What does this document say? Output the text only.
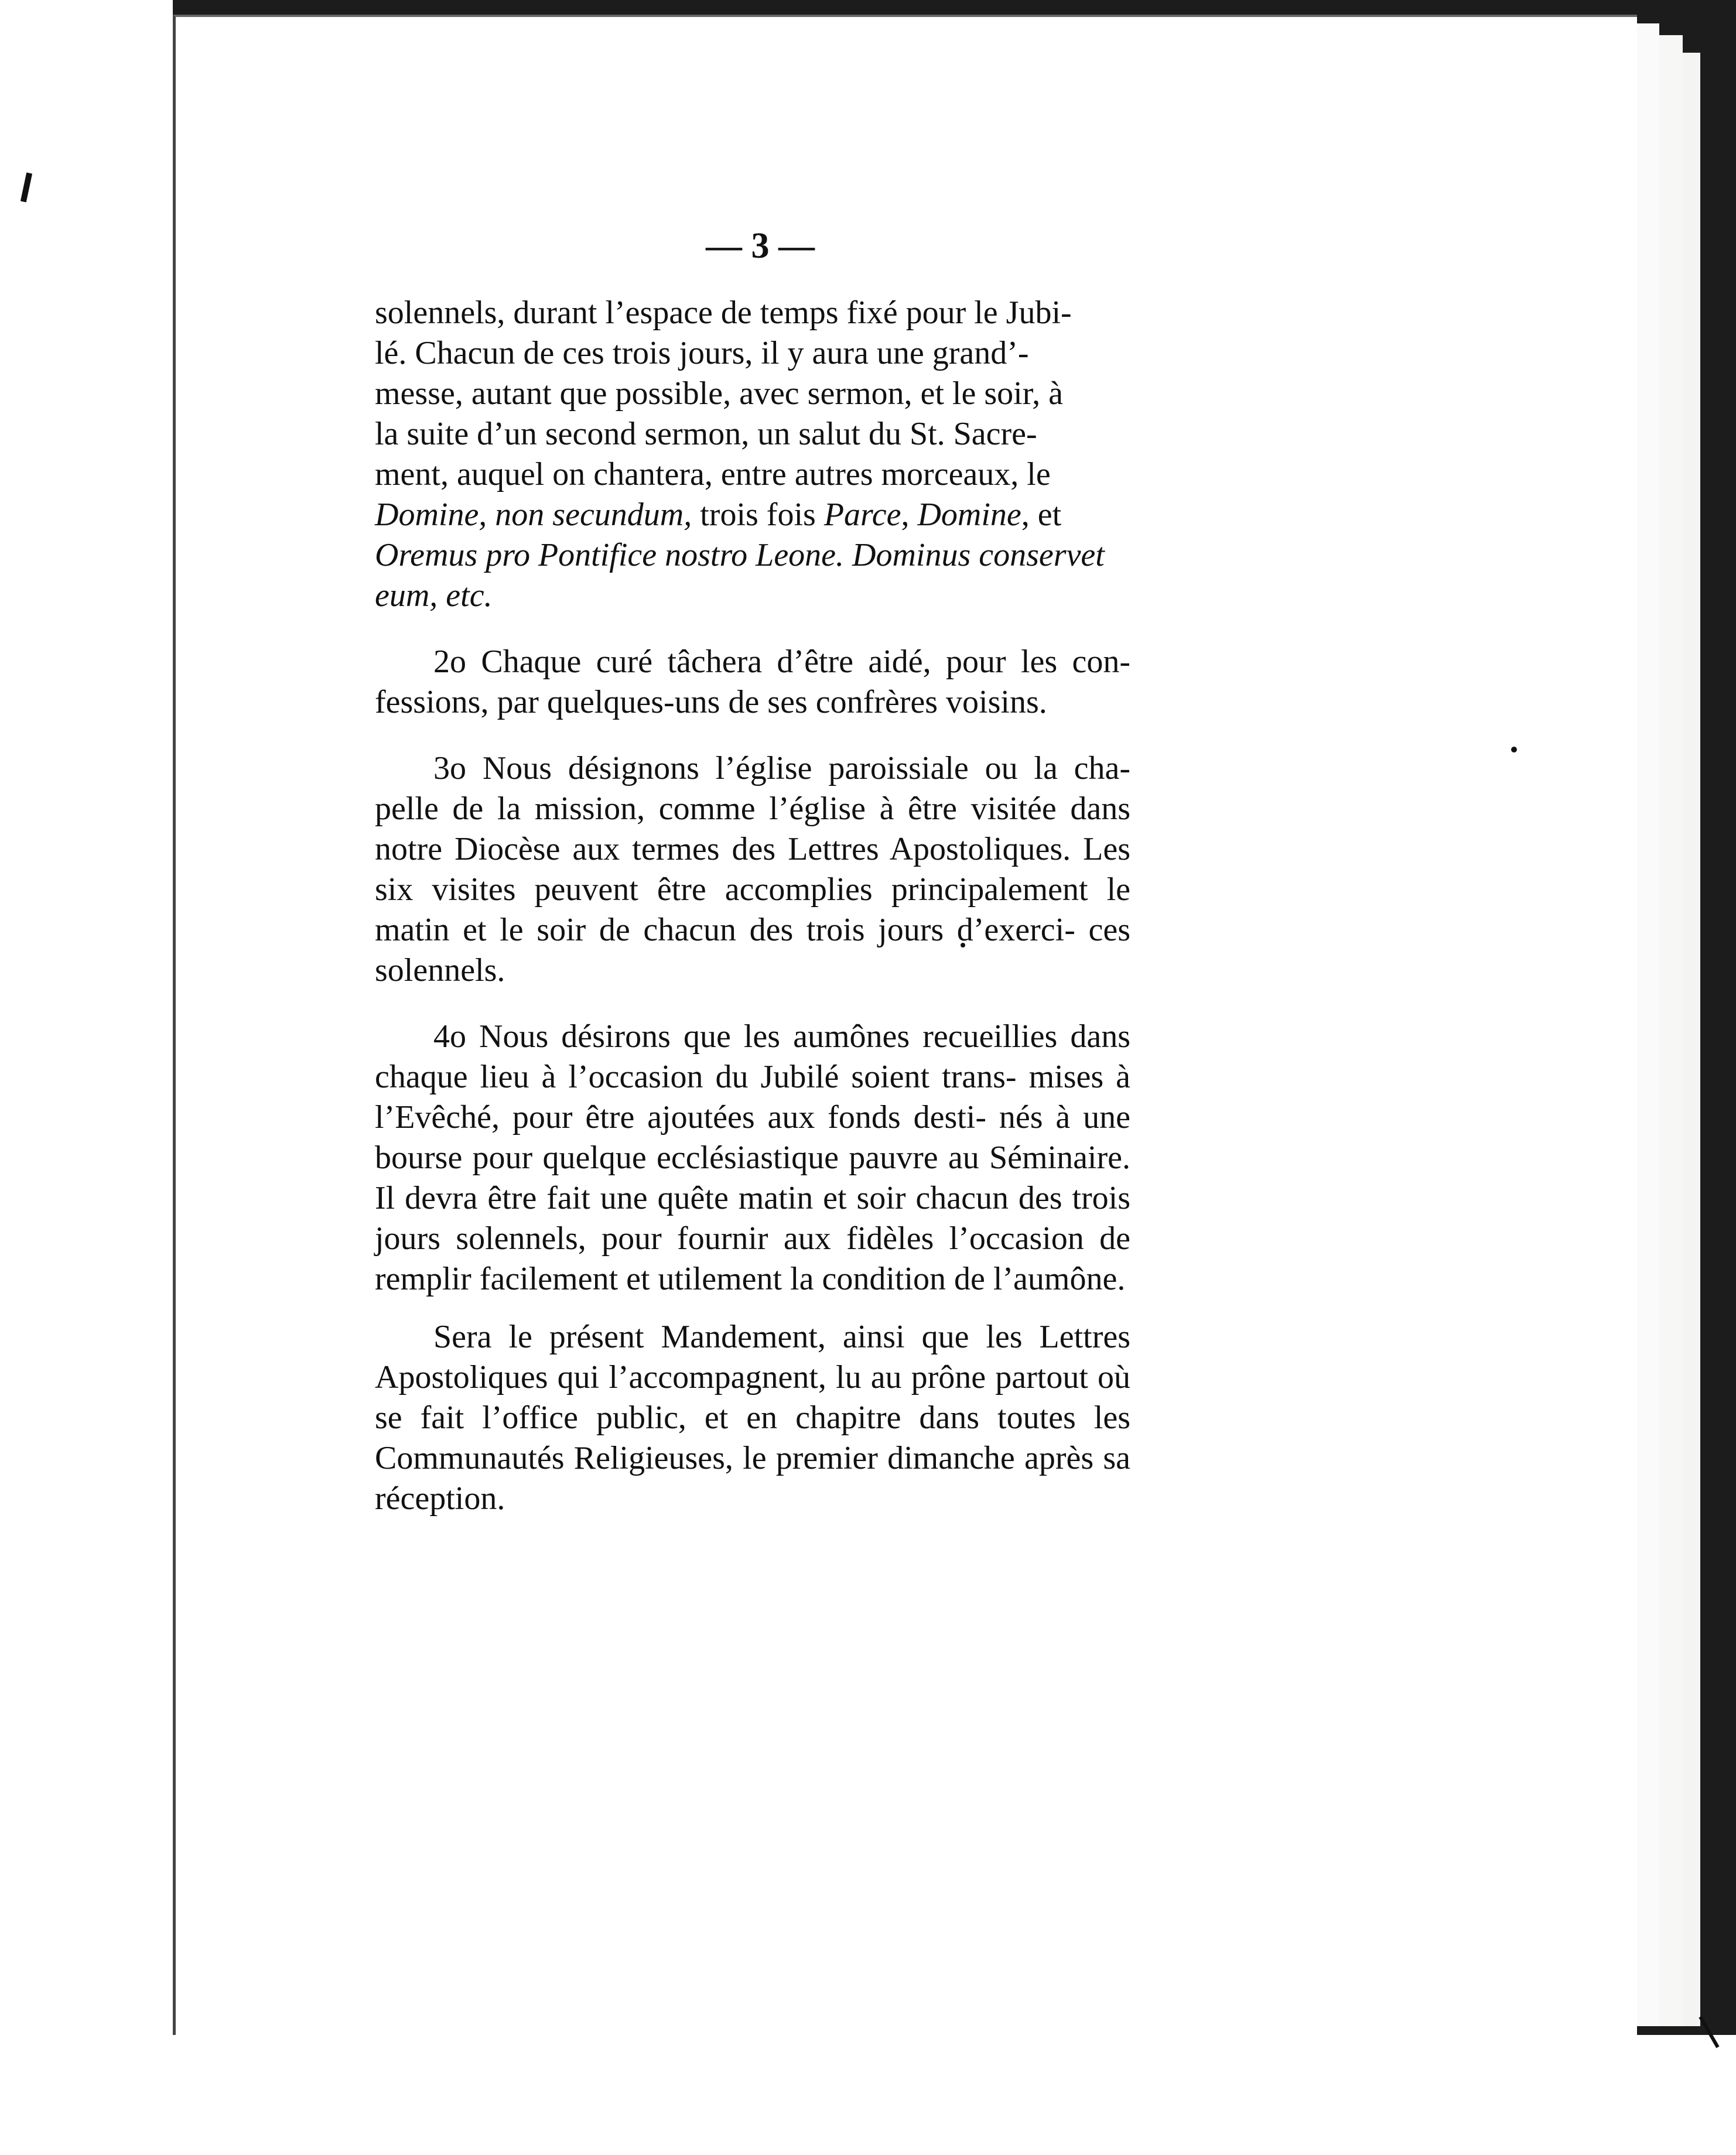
— 3 —

solennels, durant l’espace de temps fixé pour le Jubi-

lé. Chacun de ces trois jours, il y aura une grand’-

messe, autant que possible, avec sermon, et le soir, à

la suite d’un second sermon, un salut du St. Sacre-

ment, auquel on chantera, entre autres morceaux, le

Domine, non secundum, trois fois Parce, Domine, et

Oremus pro Pontifice nostro Leone. Dominus conservet

eum, etc.

2o Chaque curé tâchera d’être aidé, pour les con- fessions, par quelques-uns de ses confrères voisins.

3o Nous désignons l’église paroissiale ou la cha- pelle de la mission, comme l’église à être visitée dans notre Diocèse aux termes des Lettres Apostoliques. Les six visites peuvent être accomplies principalement le matin et le soir de chacun des trois jours d’exerci- ces solennels.

4o Nous désirons que les aumônes recueillies dans chaque lieu à l’occasion du Jubilé soient trans- mises à l’Evêché, pour être ajoutées aux fonds desti- nés à une bourse pour quelque ecclésiastique pauvre au Séminaire. Il devra être fait une quête matin et soir chacun des trois jours solennels, pour fournir aux fidèles l’occasion de remplir facilement et utilement la condition de l’aumône.

Sera le présent Mandement, ainsi que les Lettres Apostoliques qui l’accompagnent, lu au prône partout où se fait l’office public, et en chapitre dans toutes les Communautés Religieuses, le premier dimanche après sa réception.
